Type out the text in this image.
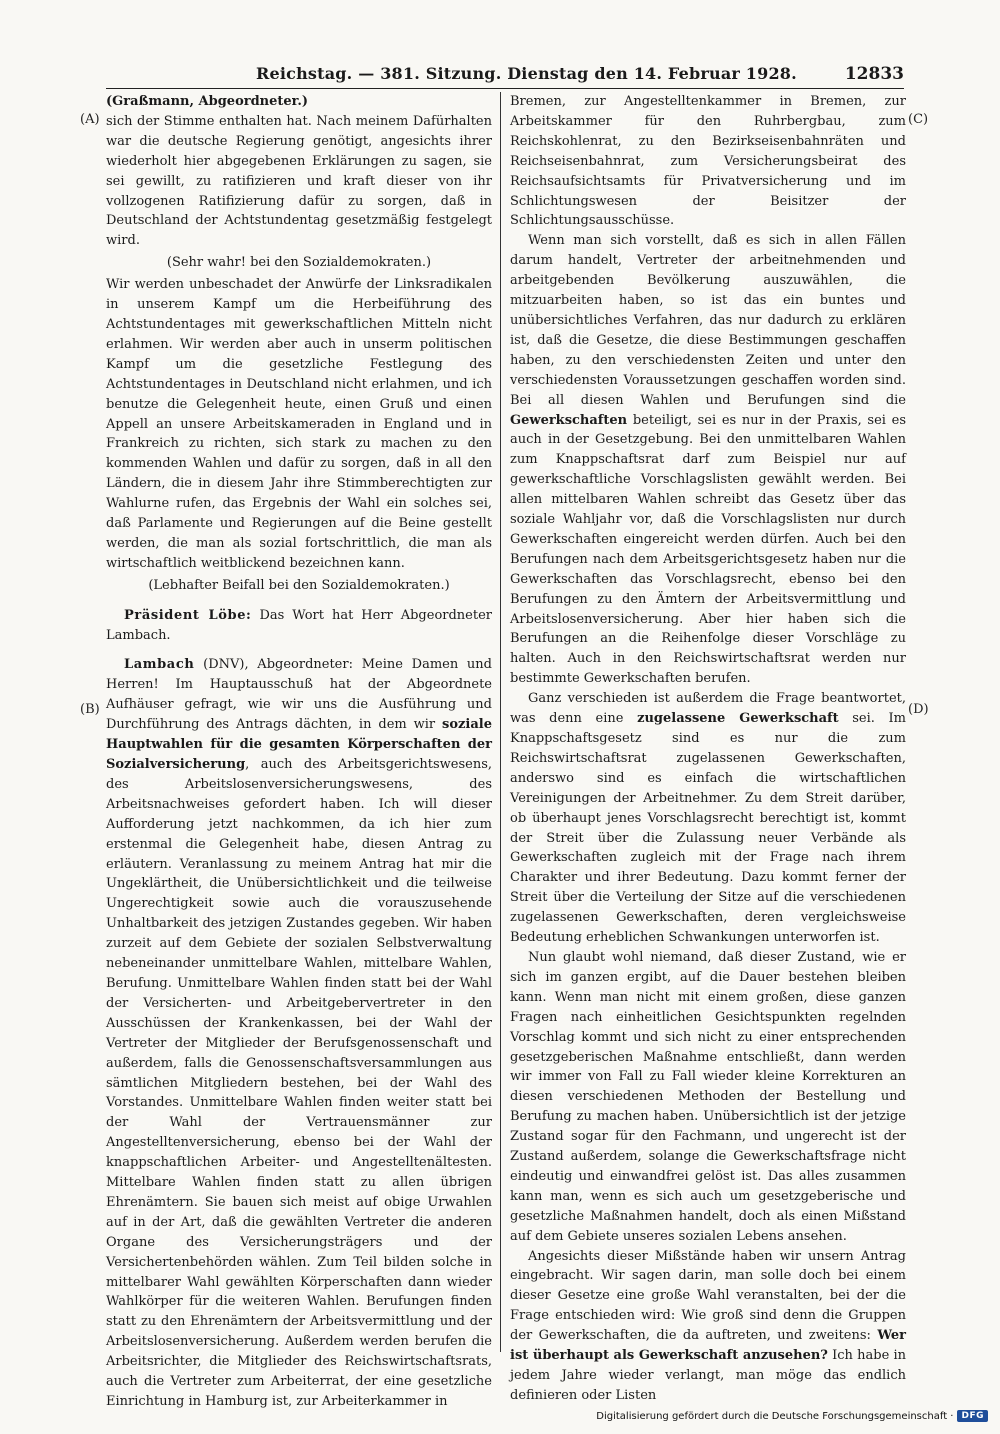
Reichstag. — 381. Sitzung. Dienstag den 14. Februar 1928.	12833
(A)
(B)
(C)
(D)

(Graßmann, Abgeordneter.)

sich der Stimme enthalten hat. Nach meinem Dafürhalten war die deutsche Regierung genötigt, angesichts ihrer wiederholt hier abgegebenen Erklärungen zu sagen, sie sei gewillt, zu ratifizieren und kraft dieser von ihr vollzogenen Ratifizierung dafür zu sorgen, daß in Deutschland der Achtstundentag gesetzmäßig festgelegt wird.

(Sehr wahr! bei den Sozialdemokraten.)

Wir werden unbeschadet der Anwürfe der Linksradikalen in unserem Kampf um die Herbeiführung des Achtstundentages mit gewerkschaftlichen Mitteln nicht erlahmen. Wir werden aber auch in unserm politischen Kampf um die gesetzliche Festlegung des Achtstundentages in Deutschland nicht erlahmen, und ich benutze die Gelegenheit heute, einen Gruß und einen Appell an unsere Arbeitskameraden in England und in Frankreich zu richten, sich stark zu machen zu den kommenden Wahlen und dafür zu sorgen, daß in all den Ländern, die in diesem Jahr ihre Stimmberechtigten zur Wahlurne rufen, das Ergebnis der Wahl ein solches sei, daß Parlamente und Regierungen auf die Beine gestellt werden, die man als sozial fortschrittlich, die man als wirtschaftlich weitblickend bezeichnen kann.

(Lebhafter Beifall bei den Sozialdemokraten.)

Präsident Löbe: Das Wort hat Herr Abgeordneter Lambach.

Lambach (DNV), Abgeordneter: Meine Damen und Herren! Im Hauptausschuß hat der Abgeordnete Aufhäuser gefragt, wie wir uns die Ausführung und Durchführung des Antrags dächten, in dem wir soziale Hauptwahlen für die gesamten Körperschaften der Sozialversicherung, auch des Arbeitsgerichtswesens, des Arbeitslosenversicherungswesens, des Arbeitsnachweises gefordert haben. Ich will dieser Aufforderung jetzt nachkommen, da ich hier zum erstenmal die Gelegenheit habe, diesen Antrag zu erläutern. Veranlassung zu meinem Antrag hat mir die Ungeklärtheit, die Unübersichtlichkeit und die teilweise Ungerechtigkeit sowie auch die vorauszusehende Unhaltbarkeit des jetzigen Zustandes gegeben. Wir haben zurzeit auf dem Gebiete der sozialen Selbstverwaltung nebeneinander unmittelbare Wahlen, mittelbare Wahlen, Berufung. Unmittelbare Wahlen finden statt bei der Wahl der Versicherten- und Arbeitgebervertreter in den Ausschüssen der Krankenkassen, bei der Wahl der Vertreter der Mitglieder der Berufsgenossenschaft und außerdem, falls die Genossenschaftsversammlungen aus sämtlichen Mitgliedern bestehen, bei der Wahl des Vorstandes. Unmittelbare Wahlen finden weiter statt bei der Wahl der Vertrauensmänner zur Angestelltenversicherung, ebenso bei der Wahl der knappschaftlichen Arbeiter- und Angestelltenältesten. Mittelbare Wahlen finden statt zu allen übrigen Ehrenämtern. Sie bauen sich meist auf obige Urwahlen auf in der Art, daß die gewählten Vertreter die anderen Organe des Versicherungsträgers und der Versichertenbehörden wählen. Zum Teil bilden solche in mittelbarer Wahl gewählten Körperschaften dann wieder Wahlkörper für die weiteren Wahlen. Berufungen finden statt zu den Ehrenämtern der Arbeitsvermittlung und der Arbeitslosenversicherung. Außerdem werden berufen die Arbeitsrichter, die Mitglieder des Reichswirtschaftsrats, auch die Vertreter zum Arbeiterrat, der eine gesetzliche Einrichtung in Hamburg ist, zur Arbeiterkammer in

Bremen, zur Angestelltenkammer in Bremen, zur Arbeitskammer für den Ruhrbergbau, zum Reichskohlenrat, zu den Bezirkseisenbahnräten und Reichseisenbahnrat, zum Versicherungsbeirat des Reichsaufsichtsamts für Privatversicherung und im Schlichtungswesen der Beisitzer der Schlichtungsausschüsse.

Wenn man sich vorstellt, daß es sich in allen Fällen darum handelt, Vertreter der arbeitnehmenden und arbeitgebenden Bevölkerung auszuwählen, die mitzuarbeiten haben, so ist das ein buntes und unübersichtliches Verfahren, das nur dadurch zu erklären ist, daß die Gesetze, die diese Bestimmungen geschaffen haben, zu den verschiedensten Zeiten und unter den verschiedensten Voraussetzungen geschaffen worden sind. Bei all diesen Wahlen und Berufungen sind die Gewerkschaften beteiligt, sei es nur in der Praxis, sei es auch in der Gesetzgebung. Bei den unmittelbaren Wahlen zum Knappschaftsrat darf zum Beispiel nur auf gewerkschaftliche Vorschlagslisten gewählt werden. Bei allen mittelbaren Wahlen schreibt das Gesetz über das soziale Wahljahr vor, daß die Vorschlagslisten nur durch Gewerkschaften eingereicht werden dürfen. Auch bei den Berufungen nach dem Arbeitsgerichtsgesetz haben nur die Gewerkschaften das Vorschlagsrecht, ebenso bei den Berufungen zu den Ämtern der Arbeitsvermittlung und Arbeitslosenversicherung. Aber hier haben sich die Berufungen an die Reihenfolge dieser Vorschläge zu halten. Auch in den Reichswirtschaftsrat werden nur bestimmte Gewerkschaften berufen.

Ganz verschieden ist außerdem die Frage beantwortet, was denn eine zugelassene Gewerkschaft sei. Im Knappschaftsgesetz sind es nur die zum Reichswirtschaftsrat zugelassenen Gewerkschaften, anderswo sind es einfach die wirtschaftlichen Vereinigungen der Arbeitnehmer. Zu dem Streit darüber, ob überhaupt jenes Vorschlagsrecht berechtigt ist, kommt der Streit über die Zulassung neuer Verbände als Gewerkschaften zugleich mit der Frage nach ihrem Charakter und ihrer Bedeutung. Dazu kommt ferner der Streit über die Verteilung der Sitze auf die verschiedenen zugelassenen Gewerkschaften, deren vergleichsweise Bedeutung erheblichen Schwankungen unterworfen ist.

Nun glaubt wohl niemand, daß dieser Zustand, wie er sich im ganzen ergibt, auf die Dauer bestehen bleiben kann. Wenn man nicht mit einem großen, diese ganzen Fragen nach einheitlichen Gesichtspunkten regelnden Vorschlag kommt und sich nicht zu einer entsprechenden gesetzgeberischen Maßnahme entschließt, dann werden wir immer von Fall zu Fall wieder kleine Korrekturen an diesen verschiedenen Methoden der Bestellung und Berufung zu machen haben. Unübersichtlich ist der jetzige Zustand sogar für den Fachmann, und ungerecht ist der Zustand außerdem, solange die Gewerkschaftsfrage nicht eindeutig und einwandfrei gelöst ist. Das alles zusammen kann man, wenn es sich auch um gesetzgeberische und gesetzliche Maßnahmen handelt, doch als einen Mißstand auf dem Gebiete unseres sozialen Lebens ansehen.

Angesichts dieser Mißstände haben wir unsern Antrag eingebracht. Wir sagen darin, man solle doch bei einem dieser Gesetze eine große Wahl veranstalten, bei der die Frage entschieden wird: Wie groß sind denn die Gruppen der Gewerkschaften, die da auftreten, und zweitens: Wer ist überhaupt als Gewerkschaft anzusehen? Ich habe in jedem Jahre wieder verlangt, man möge das endlich definieren oder Listen

Digitalisierung gefördert durch die Deutsche Forschungsgemeinschaft · DFG
